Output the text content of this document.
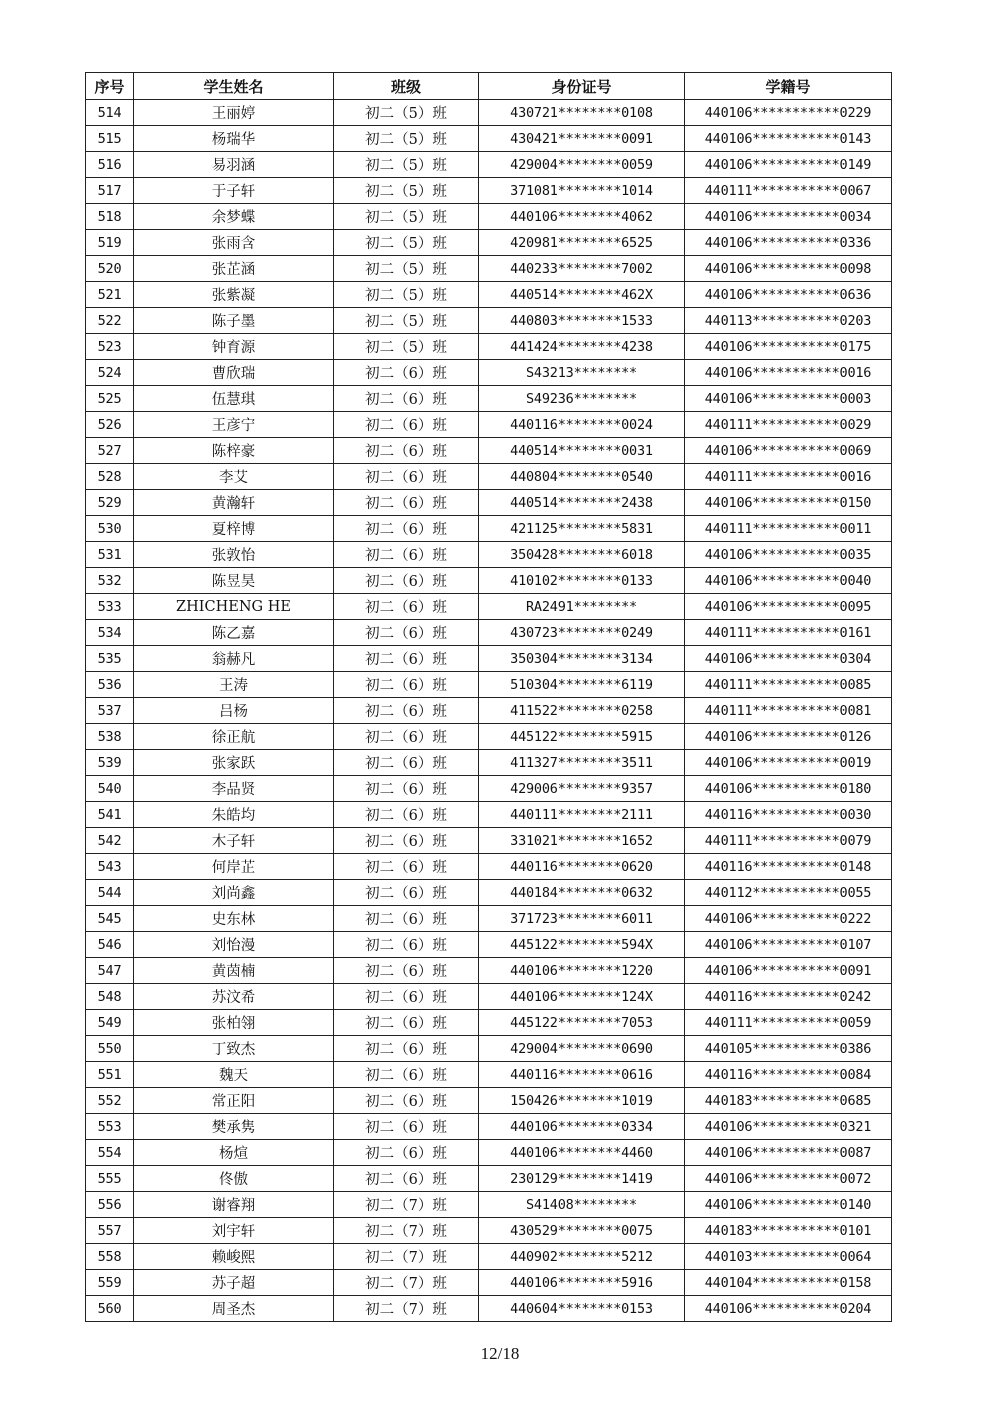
序号	学生姓名	班级	身份证号	学籍号
514	王丽婷	初二（5）班	430721********0108	440106***********0229
515	杨瑞华	初二（5）班	430421********0091	440106***********0143
516	易羽涵	初二（5）班	429004********0059	440106***********0149
517	于子轩	初二（5）班	371081********1014	440111***********0067
518	余梦蝶	初二（5）班	440106********4062	440106***********0034
519	张雨含	初二（5）班	420981********6525	440106***********0336
520	张芷涵	初二（5）班	440233********7002	440106***********0098
521	张紫凝	初二（5）班	440514********462X	440106***********0636
522	陈子墨	初二（5）班	440803********1533	440113***********0203
523	钟育源	初二（5）班	441424********4238	440106***********0175
524	曹欣瑞	初二（6）班	S43213********	440106***********0016
525	伍慧琪	初二（6）班	S49236********	440106***********0003
526	王彦宁	初二（6）班	440116********0024	440111***********0029
527	陈梓豪	初二（6）班	440514********0031	440106***********0069
528	李艾	初二（6）班	440804********0540	440111***********0016
529	黄瀚轩	初二（6）班	440514********2438	440106***********0150
530	夏梓博	初二（6）班	421125********5831	440111***********0011
531	张敦怡	初二（6）班	350428********6018	440106***********0035
532	陈昱昊	初二（6）班	410102********0133	440106***********0040
533	ZHICHENG HE	初二（6）班	RA2491********	440106***********0095
534	陈乙嘉	初二（6）班	430723********0249	440111***********0161
535	翁赫凡	初二（6）班	350304********3134	440106***********0304
536	王涛	初二（6）班	510304********6119	440111***********0085
537	吕杨	初二（6）班	411522********0258	440111***********0081
538	徐正航	初二（6）班	445122********5915	440106***********0126
539	张家跃	初二（6）班	411327********3511	440106***********0019
540	李品贤	初二（6）班	429006********9357	440106***********0180
541	朱皓均	初二（6）班	440111********2111	440116***********0030
542	木子轩	初二（6）班	331021********1652	440111***********0079
543	何岸芷	初二（6）班	440116********0620	440116***********0148
544	刘尚鑫	初二（6）班	440184********0632	440112***********0055
545	史东林	初二（6）班	371723********6011	440106***********0222
546	刘怡漫	初二（6）班	445122********594X	440106***********0107
547	黄茵楠	初二（6）班	440106********1220	440106***********0091
548	苏汶希	初二（6）班	440106********124X	440116***********0242
549	张柏翎	初二（6）班	445122********7053	440111***********0059
550	丁致杰	初二（6）班	429004********0690	440105***********0386
551	魏天	初二（6）班	440116********0616	440116***********0084
552	常正阳	初二（6）班	150426********1019	440183***********0685
553	樊承隽	初二（6）班	440106********0334	440106***********0321
554	杨煊	初二（6）班	440106********4460	440106***********0087
555	佟傲	初二（6）班	230129********1419	440106***********0072
556	谢睿翔	初二（7）班	S41408********	440106***********0140
557	刘宇轩	初二（7）班	430529********0075	440183***********0101
558	赖峻熙	初二（7）班	440902********5212	440103***********0064
559	苏子超	初二（7）班	440106********5916	440104***********0158
560	周圣杰	初二（7）班	440604********0153	440106***********0204
12/18
